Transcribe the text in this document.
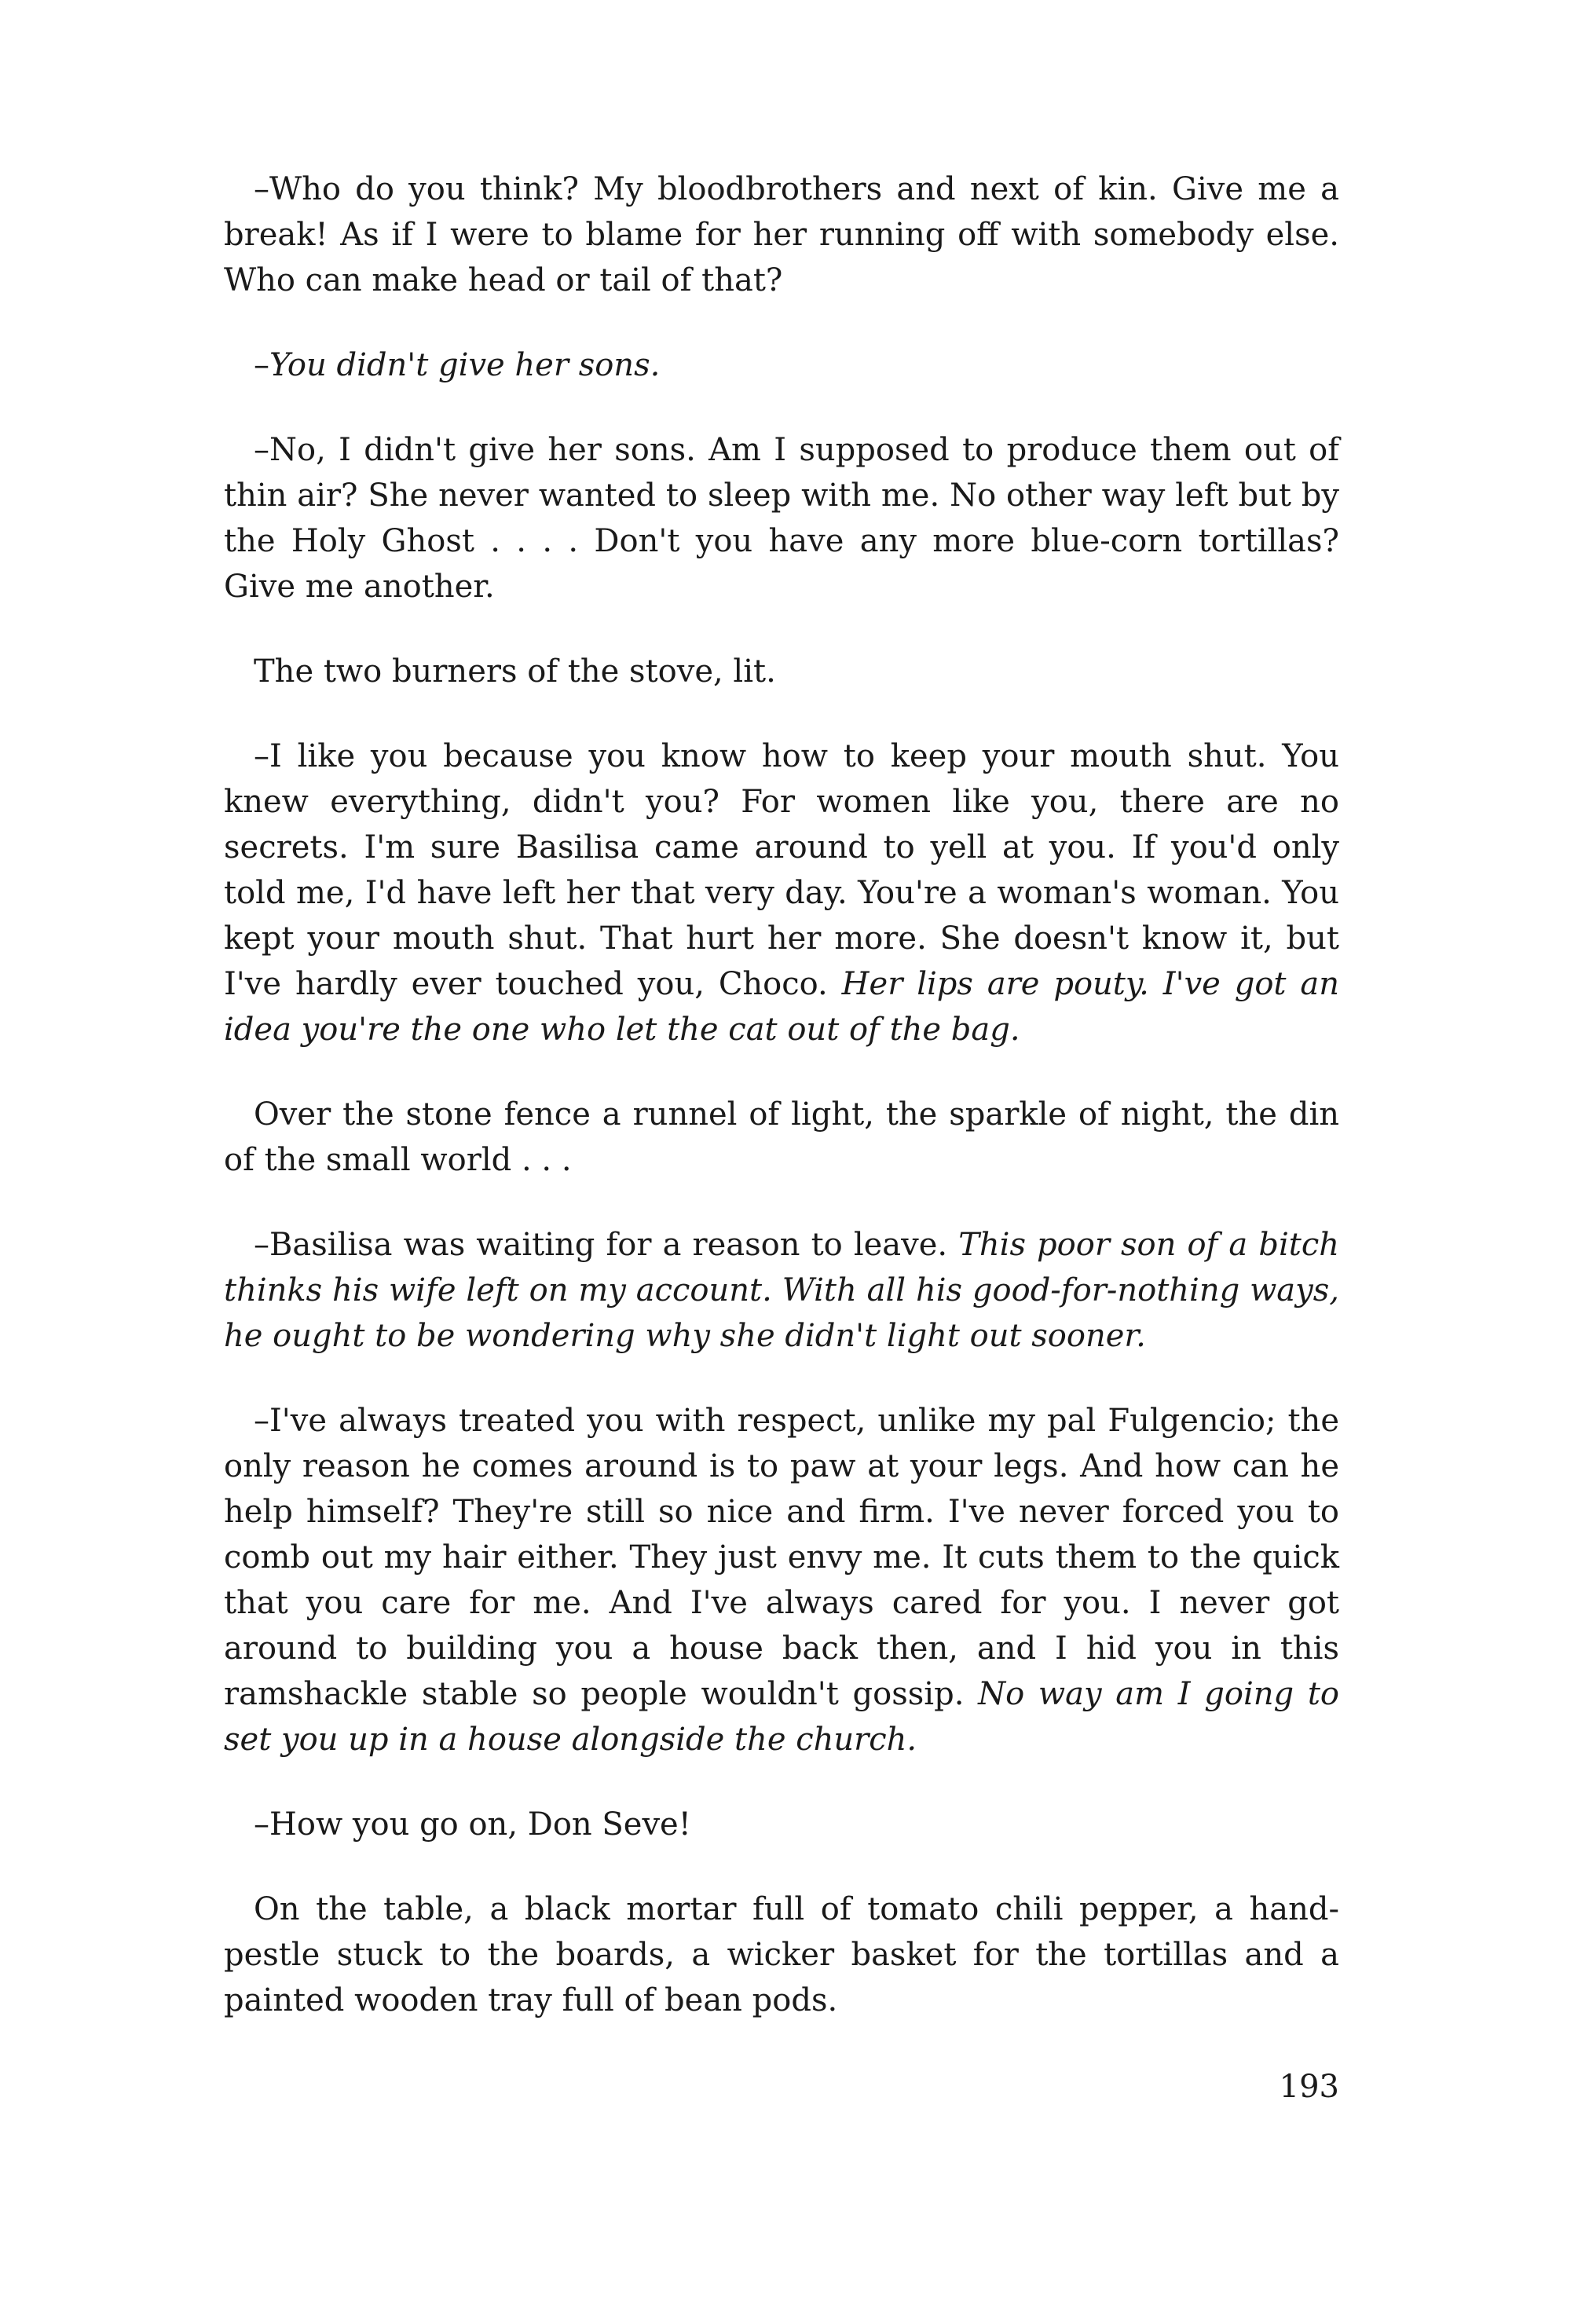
–Who do you think? My bloodbrothers and next of kin. Give me a break! As if I were to blame for her running off with somebody else. Who can make head or tail of that?

–You didn't give her sons.

–No, I didn't give her sons. Am I supposed to produce them out of thin air? She never wanted to sleep with me. No other way left but by the Holy Ghost . . . . Don't you have any more blue-corn tortillas? Give me another.

The two burners of the stove, lit.

–I like you because you know how to keep your mouth shut. You knew everything, didn't you? For women like you, there are no secrets. I'm sure Basilisa came around to yell at you. If you'd only told me, I'd have left her that very day. You're a woman's woman. You kept your mouth shut. That hurt her more. She doesn't know it, but I've hardly ever touched you, Choco. Her lips are pouty. I've got an idea you're the one who let the cat out of the bag.

Over the stone fence a runnel of light, the sparkle of night, the din of the small world . . .

–Basilisa was waiting for a reason to leave. This poor son of a bitch thinks his wife left on my account. With all his good-for-nothing ways, he ought to be wondering why she didn't light out sooner.

–I've always treated you with respect, unlike my pal Fulgencio; the only reason he comes around is to paw at your legs. And how can he help himself? They're still so nice and firm. I've never forced you to comb out my hair either. They just envy me. It cuts them to the quick that you care for me. And I've always cared for you. I never got around to building you a house back then, and I hid you in this ramshackle stable so people wouldn't gossip. No way am I going to set you up in a house alongside the church.

–How you go on, Don Seve!

On the table, a black mortar full of tomato chili pepper, a hand-pestle stuck to the boards, a wicker basket for the tortillas and a painted wooden tray full of bean pods.

193
